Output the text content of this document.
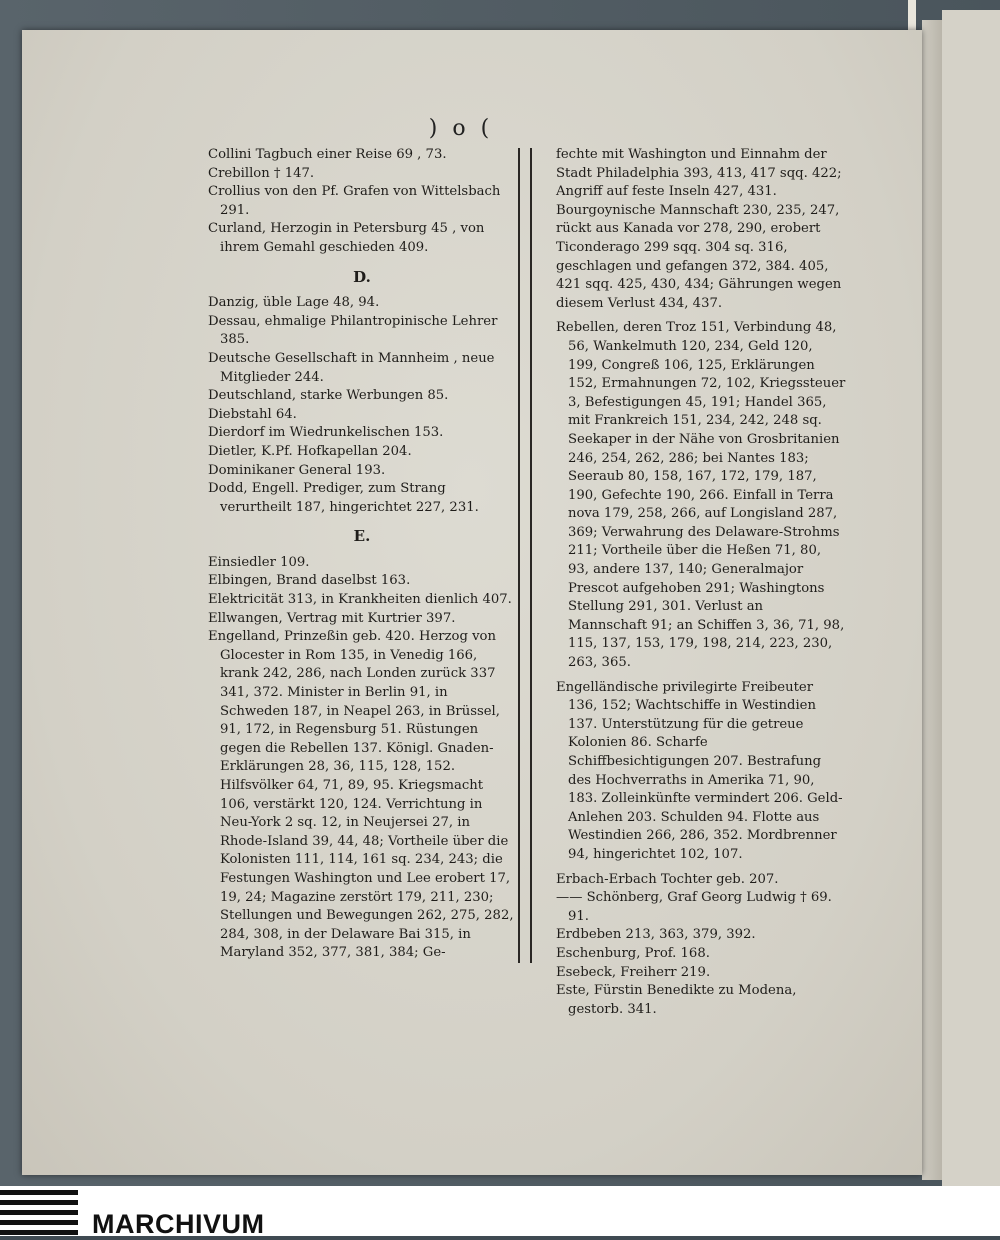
) o (

Collini Tagbuch einer Reise 69 , 73.

Crebillon † 147.

Crollius von den Pf. Grafen von Wittelsbach 291.

Curland, Herzogin in Petersburg 45 , von ihrem Gemahl geschieden 409.

D.

Danzig, üble Lage 48, 94.

Dessau, ehmalige Philantropinische Lehrer 385.

Deutsche Gesellschaft in Mannheim , neue Mitglieder 244.

Deutschland, starke Werbungen 85.

Diebstahl 64.

Dierdorf im Wiedrunkelischen 153.

Dietler, K.Pf. Hofkapellan 204.

Dominikaner General 193.

Dodd, Engell. Prediger, zum Strang verurtheilt 187, hingerichtet 227, 231.

E.

Einsiedler 109.

Elbingen, Brand daselbst 163.

Elektricität 313, in Krankheiten dienlich 407.

Ellwangen, Vertrag mit Kurtrier 397.

Engelland, Prinzeßin geb. 420. Herzog von Glocester in Rom 135, in Venedig 166, krank 242, 286, nach Londen zurück 337 341, 372. Minister in Berlin 91, in Schweden 187, in Neapel 263, in Brüssel, 91, 172, in Regensburg 51. Rüstungen gegen die Rebellen 137. Königl. Gnaden-Erklärungen 28, 36, 115, 128, 152. Hilfsvölker 64, 71, 89, 95. Kriegsmacht 106, verstärkt 120, 124. Verrichtung in Neu-York 2 sq. 12, in Neujersei 27, in Rhode-Island 39, 44, 48; Vortheile über die Kolonisten 111, 114, 161 sq. 234, 243; die Festungen Washington und Lee erobert 17, 19, 24; Magazine zerstört 179, 211, 230; Stellungen und Bewegungen 262, 275, 282, 284, 308, in der Delaware Bai 315, in Maryland 352, 377, 381, 384; Ge-

fechte mit Washington und Einnahm der Stadt Philadelphia 393, 413, 417 sqq. 422; Angriff auf feste Inseln 427, 431. Bourgoynische Mannschaft 230, 235, 247, rückt aus Kanada vor 278, 290, erobert Ticonderago 299 sqq. 304 sq. 316, geschlagen und gefangen 372, 384. 405, 421 sqq. 425, 430, 434; Gährungen wegen diesem Verlust 434, 437.

Rebellen, deren Troz 151, Verbindung 48, 56, Wankelmuth 120, 234, Geld 120, 199, Congreß 106, 125, Erklärungen 152, Ermahnungen 72, 102, Kriegssteuer 3, Befestigungen 45, 191; Handel 365, mit Frankreich 151, 234, 242, 248 sq. Seekaper in der Nähe von Grosbritanien 246, 254, 262, 286; bei Nantes 183; Seeraub 80, 158, 167, 172, 179, 187, 190, Gefechte 190, 266. Einfall in Terra nova 179, 258, 266, auf Longisland 287, 369; Verwahrung des Delaware-Strohms 211; Vortheile über die Heßen 71, 80, 93, andere 137, 140; Generalmajor Prescot aufgehoben 291; Washingtons Stellung 291, 301. Verlust an Mannschaft 91; an Schiffen 3, 36, 71, 98, 115, 137, 153, 179, 198, 214, 223, 230, 263, 365.

Engelländische privilegirte Freibeuter 136, 152; Wachtschiffe in Westindien 137. Unterstützung für die getreue Kolonien 86. Scharfe Schiffbesichtigungen 207. Bestrafung des Hochverraths in Amerika 71, 90, 183. Zolleinkünfte vermindert 206. Geld-Anlehen 203. Schulden 94. Flotte aus Westindien 266, 286, 352. Mordbrenner 94, hingerichtet 102, 107.

Erbach-Erbach Tochter geb. 207.

—— Schönberg, Graf Georg Ludwig † 69. 91.

Erdbeben 213, 363, 379, 392.

Eschenburg, Prof. 168.

Esebeck, Freiherr 219.

Este, Fürstin Benedikte zu Modena, gestorb. 341.

MARCHIVUM
